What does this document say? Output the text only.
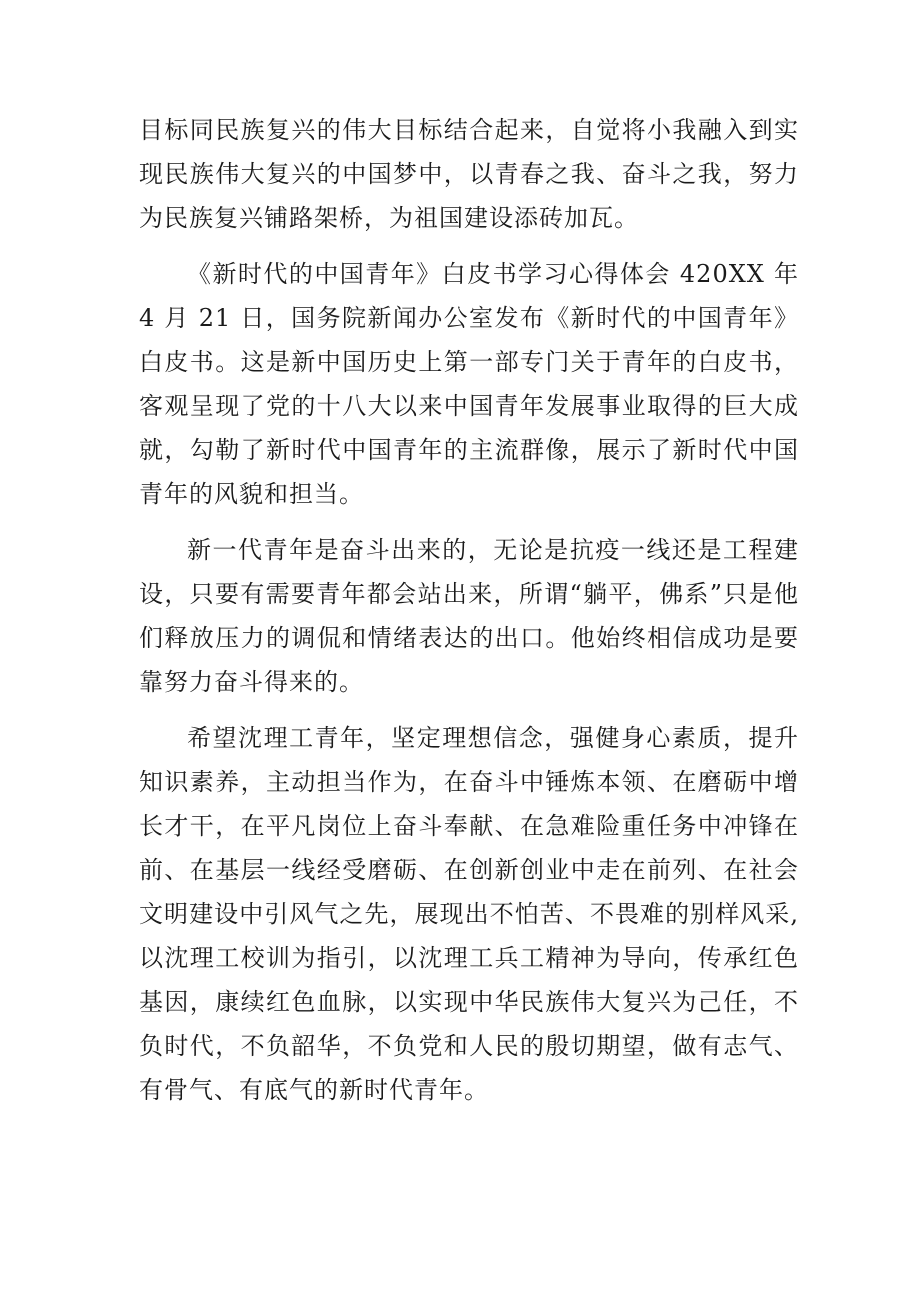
目标同民族复兴的伟大目标结合起来，自觉将小我融入到实现民族伟大复兴的中国梦中，以青春之我、奋斗之我，努力为民族复兴铺路架桥，为祖国建设添砖加瓦。

《新时代的中国青年》白皮书学习心得体会 420XX 年 4 月 21 日，国务院新闻办公室发布《新时代的中国青年》白皮书。这是新中国历史上第一部专门关于青年的白皮书，客观呈现了党的十八大以来中国青年发展事业取得的巨大成就，勾勒了新时代中国青年的主流群像，展示了新时代中国青年的风貌和担当。

新一代青年是奋斗出来的，无论是抗疫一线还是工程建设，只要有需要青年都会站出来，所谓“躺平，佛系”只是他们释放压力的调侃和情绪表达的出口。他始终相信成功是要靠努力奋斗得来的。

希望沈理工青年，坚定理想信念，强健身心素质，提升知识素养，主动担当作为，在奋斗中锤炼本领、在磨砺中增长才干，在平凡岗位上奋斗奉献、在急难险重任务中冲锋在前、在基层一线经受磨砺、在创新创业中走在前列、在社会文明建设中引风气之先，展现出不怕苦、不畏难的别样风采,以沈理工校训为指引，以沈理工兵工精神为导向，传承红色基因，康续红色血脉，以实现中华民族伟大复兴为己任，不负时代，不负韶华，不负党和人民的殷切期望，做有志气、有骨气、有底气的新时代青年。
